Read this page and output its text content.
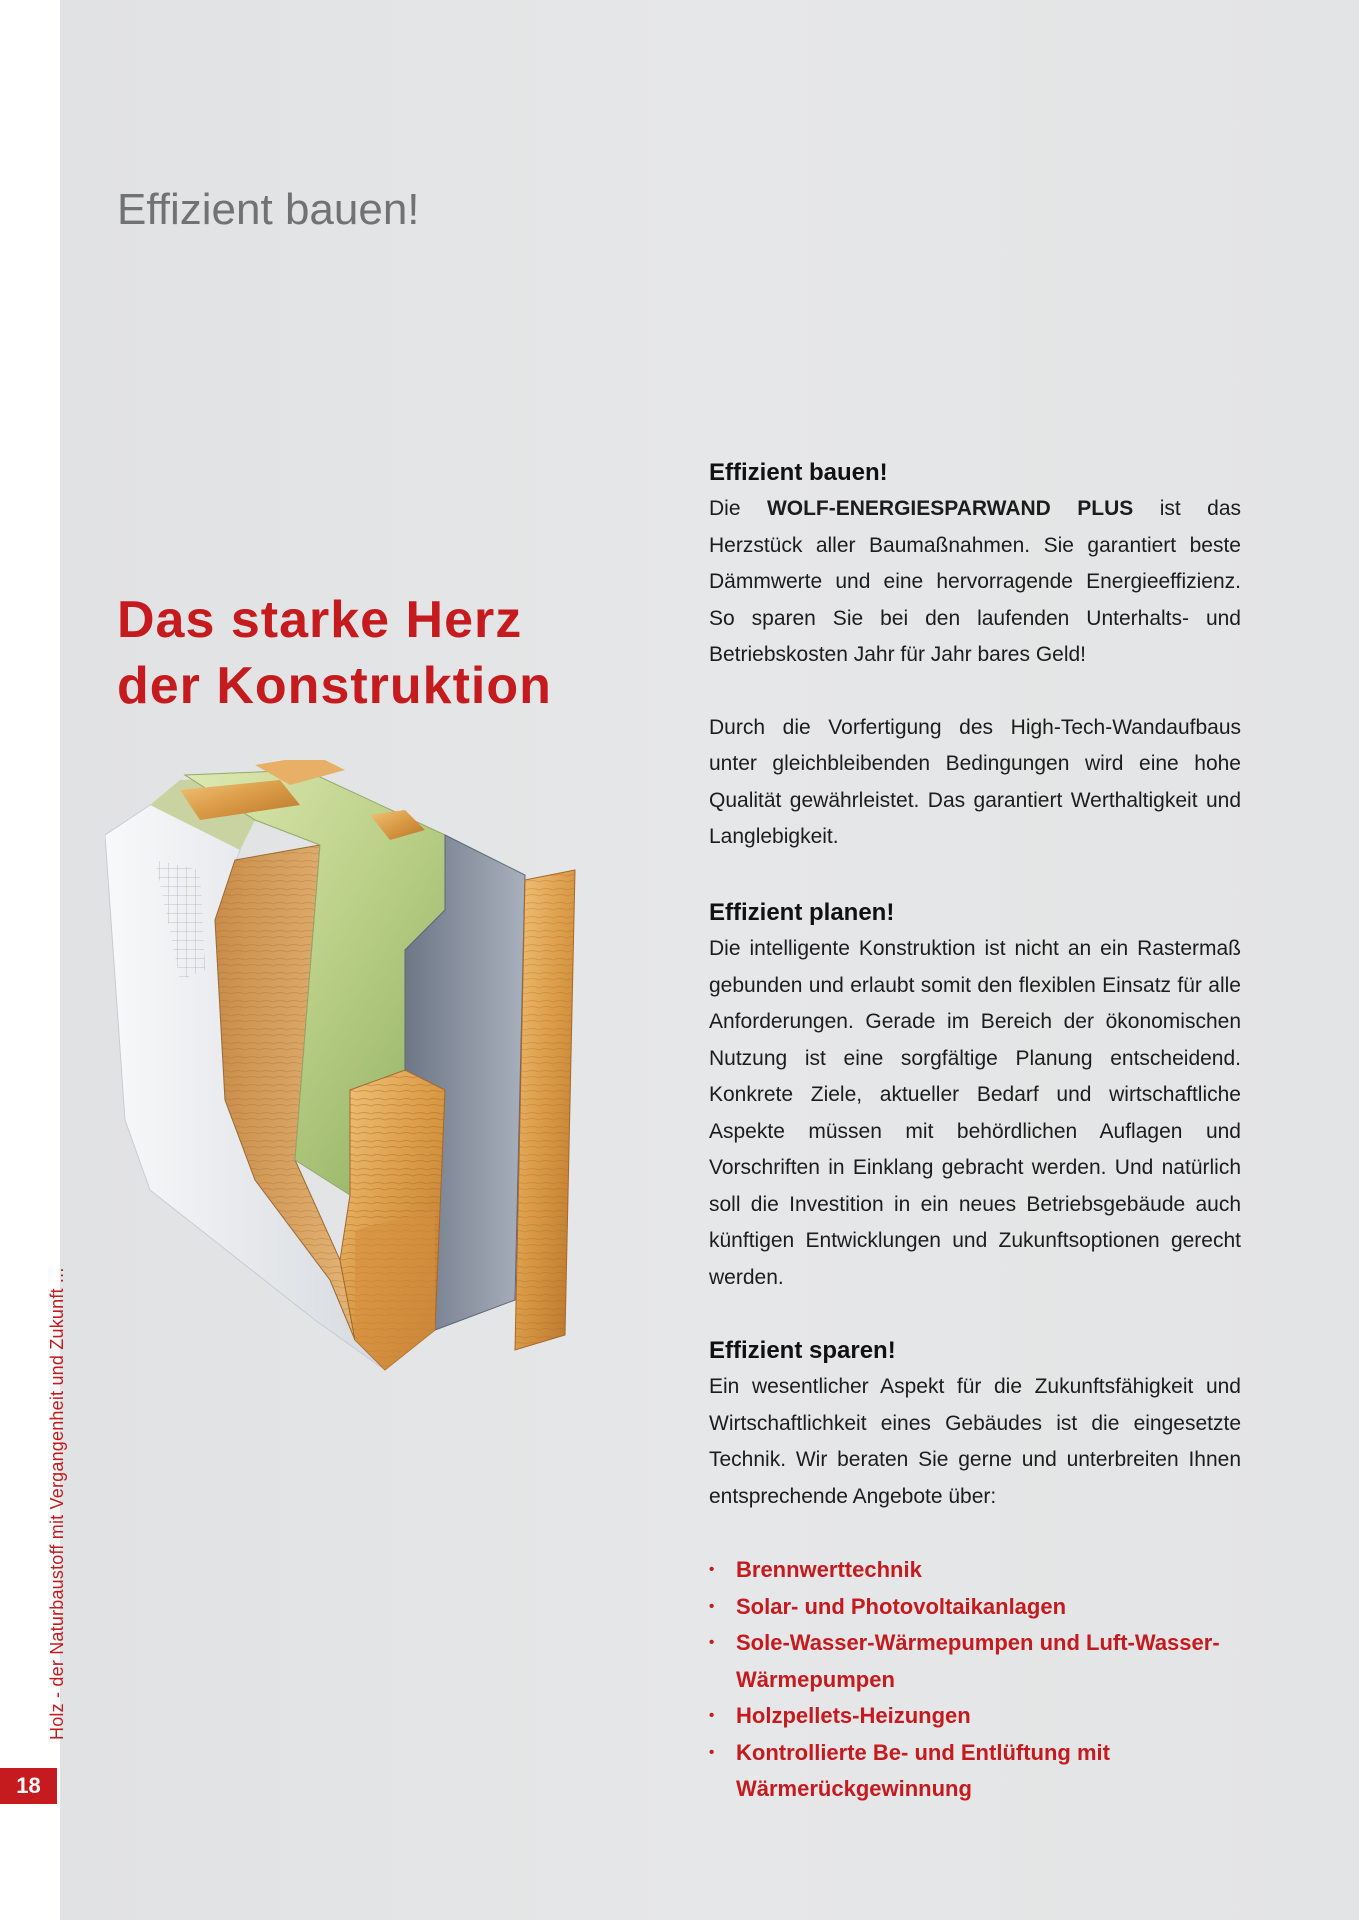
Holz - der Naturbaustoff mit Vergangenheit und Zukunft ...
18
Effizient bauen!
Das starke Herz
der Konstruktion
Effizient bauen!

Die WOLF-ENERGIESPARWAND PLUS ist das Herzstück aller Baumaßnahmen. Sie garantiert beste Dämmwerte und eine hervorragende Energieeffizienz. So sparen Sie bei den laufenden Unterhalts- und Betriebskosten Jahr für Jahr bares Geld!

Durch die Vorfertigung des High-Tech-Wandaufbaus unter gleichbleibenden Bedingungen wird eine hohe Qualität gewährleistet. Das garantiert Werthaltigkeit und Langlebigkeit.

Effizient planen!

Die intelligente Konstruktion ist nicht an ein Rastermaß gebunden und erlaubt somit den flexiblen Einsatz für alle Anforderungen. Gerade im Bereich der ökonomischen Nutzung ist eine sorgfältige Planung entscheidend. Konkrete Ziele, aktueller Bedarf und wirtschaftliche Aspekte müssen mit behördlichen Auflagen und Vorschriften in Einklang gebracht werden. Und natürlich soll die Investition in ein neues Betriebsgebäude auch künftigen Entwicklungen und Zukunftsoptionen gerecht werden.

Effizient sparen!

Ein wesentlicher Aspekt für die Zukunftsfähigkeit und Wirtschaftlichkeit eines Gebäudes ist die eingesetzte Technik. Wir beraten Sie gerne und unterbreiten Ihnen entsprechende Angebote über:

• Brennwerttechnik
• Solar- und Photovoltaikanlagen
• Sole-Wasser-Wärmepumpen und Luft-Wasser-Wärmepumpen
• Holzpellets-Heizungen
• Kontrollierte Be- und Entlüftung mit Wärmerückgewinnung
